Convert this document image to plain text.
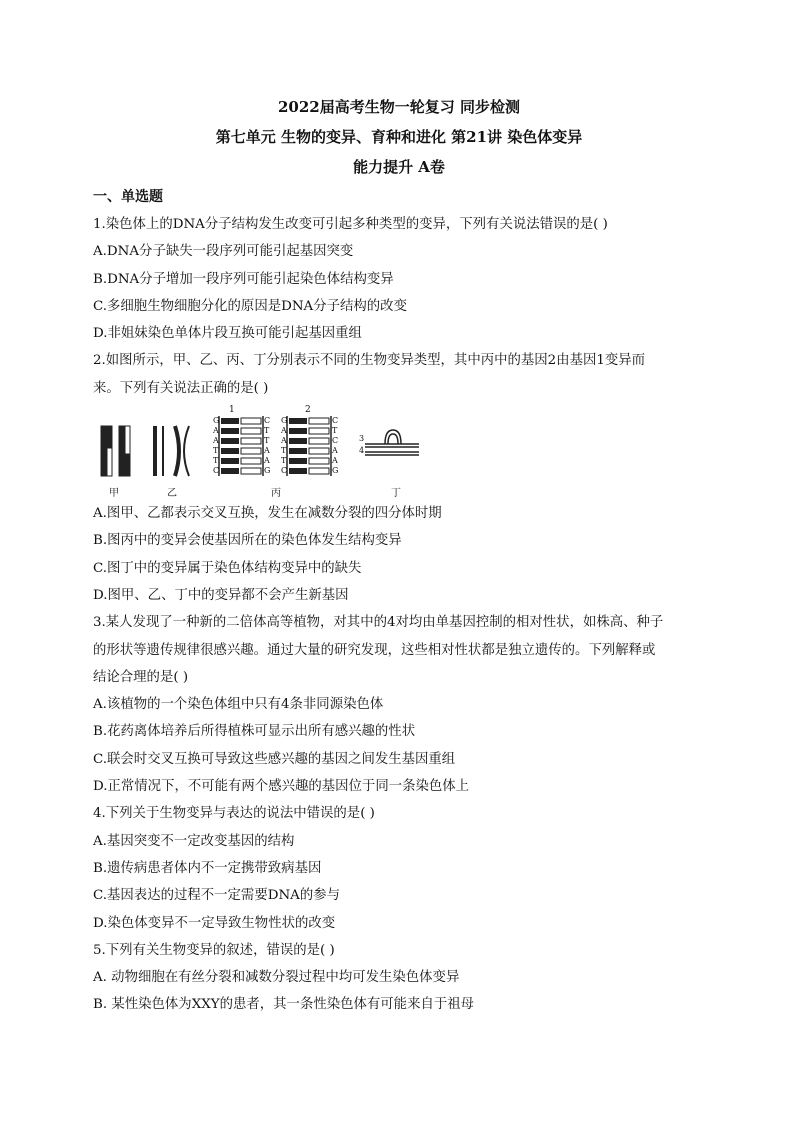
2022届高考生物一轮复习 同步检测
第七单元 生物的变异、育种和进化 第21讲 染色体变异
能力提升 A卷
一、单选题
1.染色体上的DNA分子结构发生改变可引起多种类型的变异，下列有关说法错误的是( )
A.DNA分子缺失一段序列可能引起基因突变
B.DNA分子增加一段序列可能引起染色体结构变异
C.多细胞生物细胞分化的原因是DNA分子结构的改变
D.非姐妹染色单体片段互换可能引起基因重组
2.如图所示，甲、乙、丙、丁分别表示不同的生物变异类型，其中丙中的基因2由基因1变异而
来。下列有关说法正确的是( )
甲	乙	丙	丁
1	2
3
4
G
A
A
T
T
C
C
T
T
A
A
G
G
A
A
T
T
C
C
T
C
A
A
G
A.图甲、乙都表示交叉互换，发生在减数分裂的四分体时期
B.图丙中的变异会使基因所在的染色体发生结构变异
C.图丁中的变异属于染色体结构变异中的缺失
D.图甲、乙、丁中的变异都不会产生新基因
3.某人发现了一种新的二倍体高等植物，对其中的4对均由单基因控制的相对性状，如株高、种子
的形状等遗传规律很感兴趣。通过大量的研究发现，这些相对性状都是独立遗传的。下列解释或
结论合理的是( )
A.该植物的一个染色体组中只有4条非同源染色体
B.花药离体培养后所得植株可显示出所有感兴趣的性状
C.联会时交叉互换可导致这些感兴趣的基因之间发生基因重组
D.正常情况下，不可能有两个感兴趣的基因位于同一条染色体上
4.下列关于生物变异与表达的说法中错误的是( )
A.基因突变不一定改变基因的结构
B.遗传病患者体内不一定携带致病基因
C.基因表达的过程不一定需要DNA的参与
D.染色体变异不一定导致生物性状的改变
5.下列有关生物变异的叙述，错误的是( )
A. 动物细胞在有丝分裂和减数分裂过程中均可发生染色体变异
B. 某性染色体为XXY的患者，其一条性染色体有可能来自于祖母
